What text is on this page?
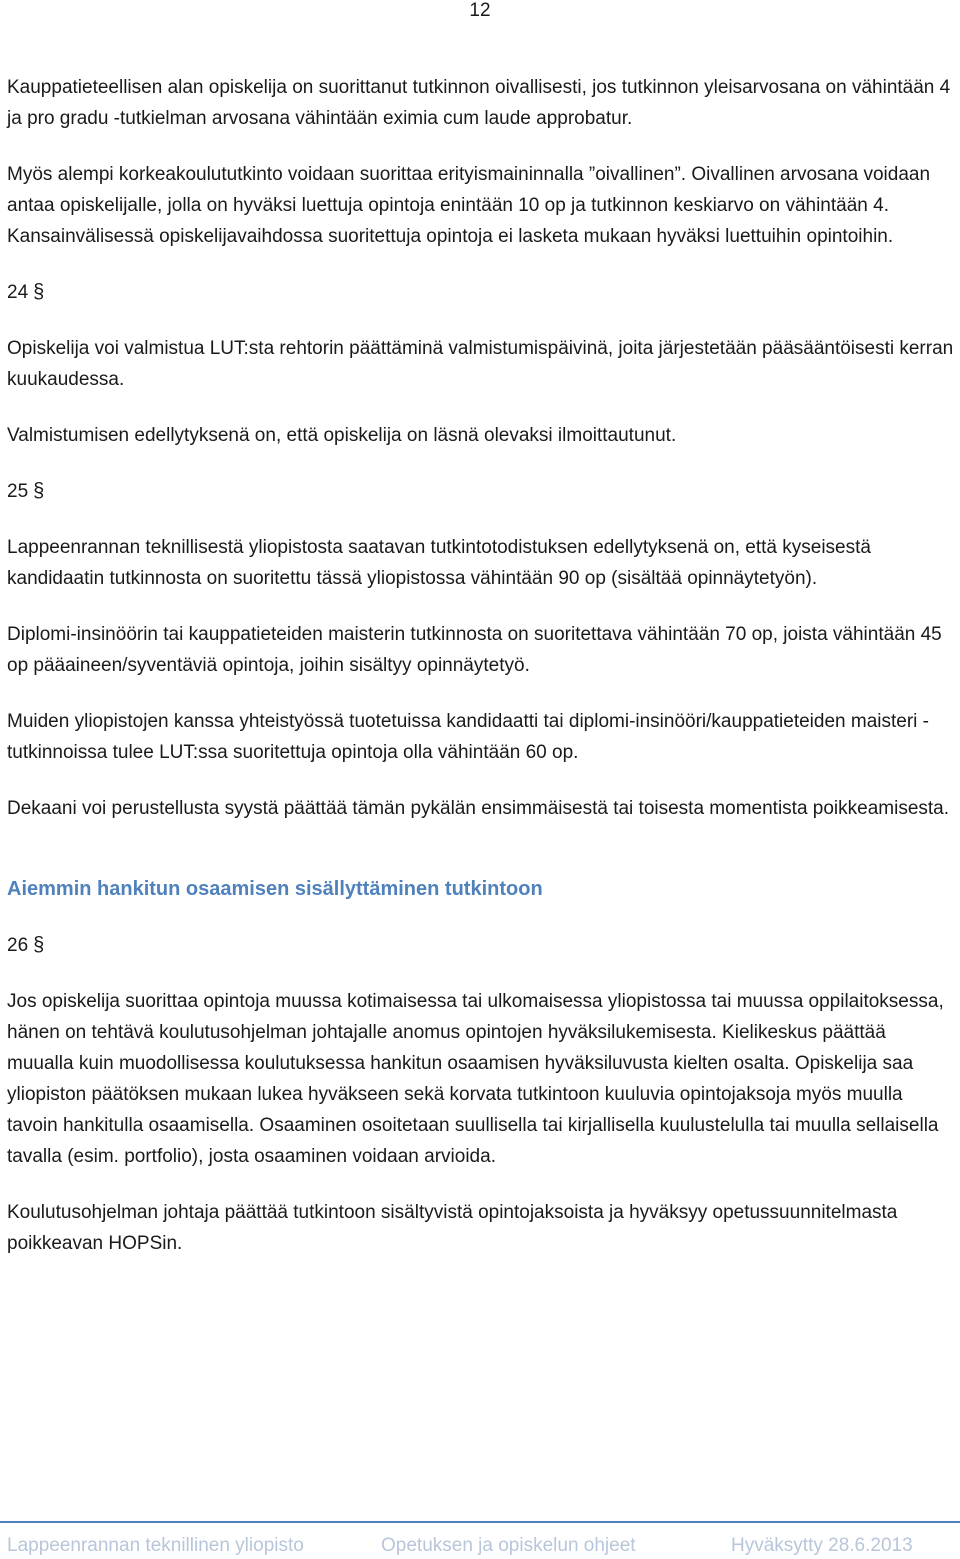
12

Kauppatieteellisen alan opiskelija on suorittanut tutkinnon oivallisesti, jos tutkinnon yleisarvosana on vähintään 4 ja pro gradu -tutkielman arvosana vähintään eximia cum laude approbatur.

Myös alempi korkeakoulututkinto voidaan suorittaa erityismaininnalla ”oivallinen”. Oivallinen arvosana voidaan antaa opiskelijalle, jolla on hyväksi luettuja opintoja enintään 10 op ja tutkinnon keskiarvo on vähintään 4. Kansainvälisessä opiskelijavaihdossa suoritettuja opintoja ei lasketa mukaan hyväksi luettuihin opintoihin.

24 §

Opiskelija voi valmistua LUT:sta rehtorin päättäminä valmistumispäivinä, joita järjestetään pääsääntöisesti kerran kuukaudessa.

Valmistumisen edellytyksenä on, että opiskelija on läsnä olevaksi ilmoittautunut.

25 §

Lappeenrannan teknillisestä yliopistosta saatavan tutkintotodistuksen edellytyksenä on, että kyseisestä kandidaatin tutkinnosta on suoritettu tässä yliopistossa vähintään 90 op (sisältää opinnäytetyön).

Diplomi-insinöörin tai kauppatieteiden maisterin tutkinnosta on suoritettava vähintään 70 op, joista vähintään 45 op pääaineen/syventäviä opintoja, joihin sisältyy opinnäytetyö.

Muiden yliopistojen kanssa yhteistyössä tuotetuissa kandidaatti tai diplomi-insinööri/kauppatieteiden maisteri -tutkinnoissa tulee LUT:ssa suoritettuja opintoja olla vähintään 60 op.

Dekaani voi perustellusta syystä päättää tämän pykälän ensimmäisestä tai toisesta momentista poikkeamisesta.

Aiemmin hankitun osaamisen sisällyttäminen tutkintoon

26 §

Jos opiskelija suorittaa opintoja muussa kotimaisessa tai ulkomaisessa yliopistossa tai muussa oppilaitoksessa, hänen on tehtävä koulutusohjelman johtajalle anomus opintojen hyväksilukemisesta. Kielikeskus päättää muualla kuin muodollisessa koulutuksessa hankitun osaamisen hyväksiluvusta kielten osalta. Opiskelija saa yliopiston päätöksen mukaan lukea hyväkseen sekä korvata tutkintoon kuuluvia opintojaksoja myös muulla tavoin hankitulla osaamisella. Osaaminen osoitetaan suullisella tai kirjallisella kuulustelulla tai muulla sellaisella tavalla (esim. portfolio), josta osaaminen voidaan arvioida.

Koulutusohjelman johtaja päättää tutkintoon sisältyvistä opintojaksoista ja hyväksyy opetussuunnitelmasta poikkeavan HOPSin.

Lappeenrannan teknillinen yliopisto	Opetuksen ja opiskelun ohjeet	Hyväksytty 28.6.2013
